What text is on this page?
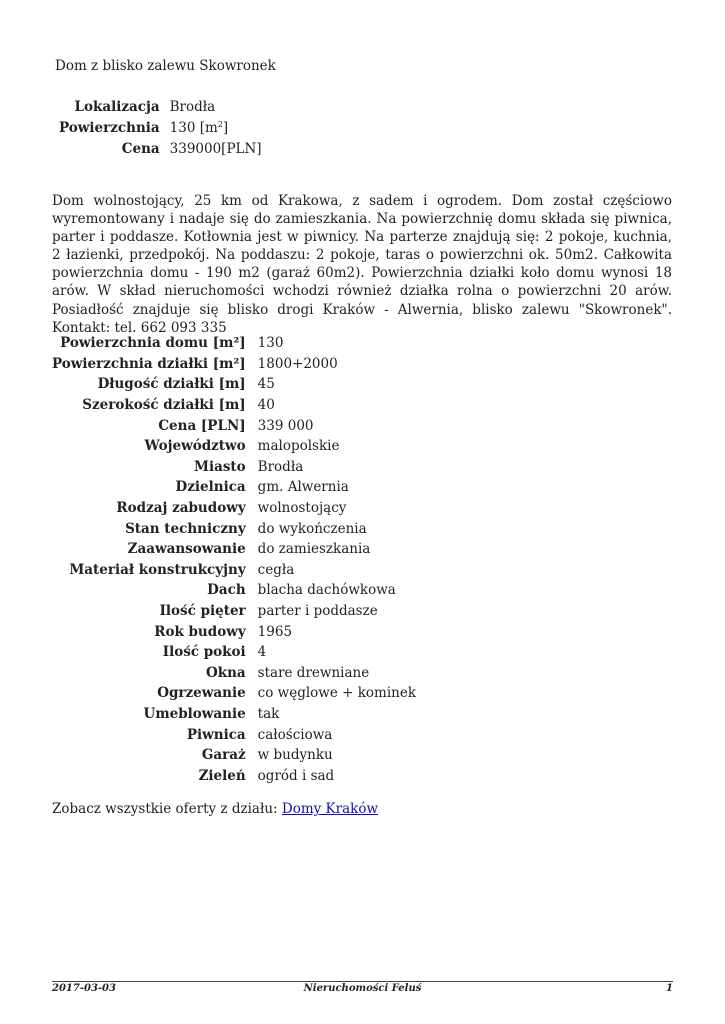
Dom z blisko zalewu Skowronek
Lokalizacja	Brodła
Powierzchnia	130 $[m^2]$
Cena	339000[PLN]

Dom wolnostojący, 25 km od Krakowa, z sadem i ogrodem. Dom został częściowo wyremontowany i nadaje się do zamieszkania. Na powierzchnię domu składa się piwnica, parter i poddasze. Kotłownia jest w piwnicy. Na parterze znajdują się: 2 pokoje, kuchnia, 2 łazienki, przedpokój. Na poddaszu: 2 pokoje, taras o powierzchni ok. 50m2. Całkowita powierzchnia domu - 190 m2 (garaż 60m2). Powierzchnia działki koło domu wynosi 18 arów. W skład nieruchomości wchodzi również działka rolna o powierzchni 20 arów. Posiadłość znajduje się blisko drogi Kraków - Alwernia, blisko zalewu "Skowronek". Kontakt: tel. 662 093 335

Powierzchnia domu [m²]	130
Powierzchnia działki [m²]	1800+2000
Długość działki [m]	45
Szerokość działki [m]	40
Cena [PLN]	339 000
Województwo	malopolskie
Miasto	Brodła
Dzielnica	gm. Alwernia
Rodzaj zabudowy	wolnostojący
Stan techniczny	do wykończenia
Zaawansowanie	do zamieszkania
Materiał konstrukcyjny	cegła
Dach	blacha dachówkowa
Ilość pięter	parter i poddasze
Rok budowy	1965
Ilość pokoi	4
Okna	stare drewniane
Ogrzewanie	co węglowe + kominek
Umeblowanie	tak
Piwnica	całościowa
Garaż	w budynku
Zieleń	ogród i sad
Zobacz wszystkie oferty z działu: Domy Kraków
2017-03-03	Nieruchomości Feluś	1
